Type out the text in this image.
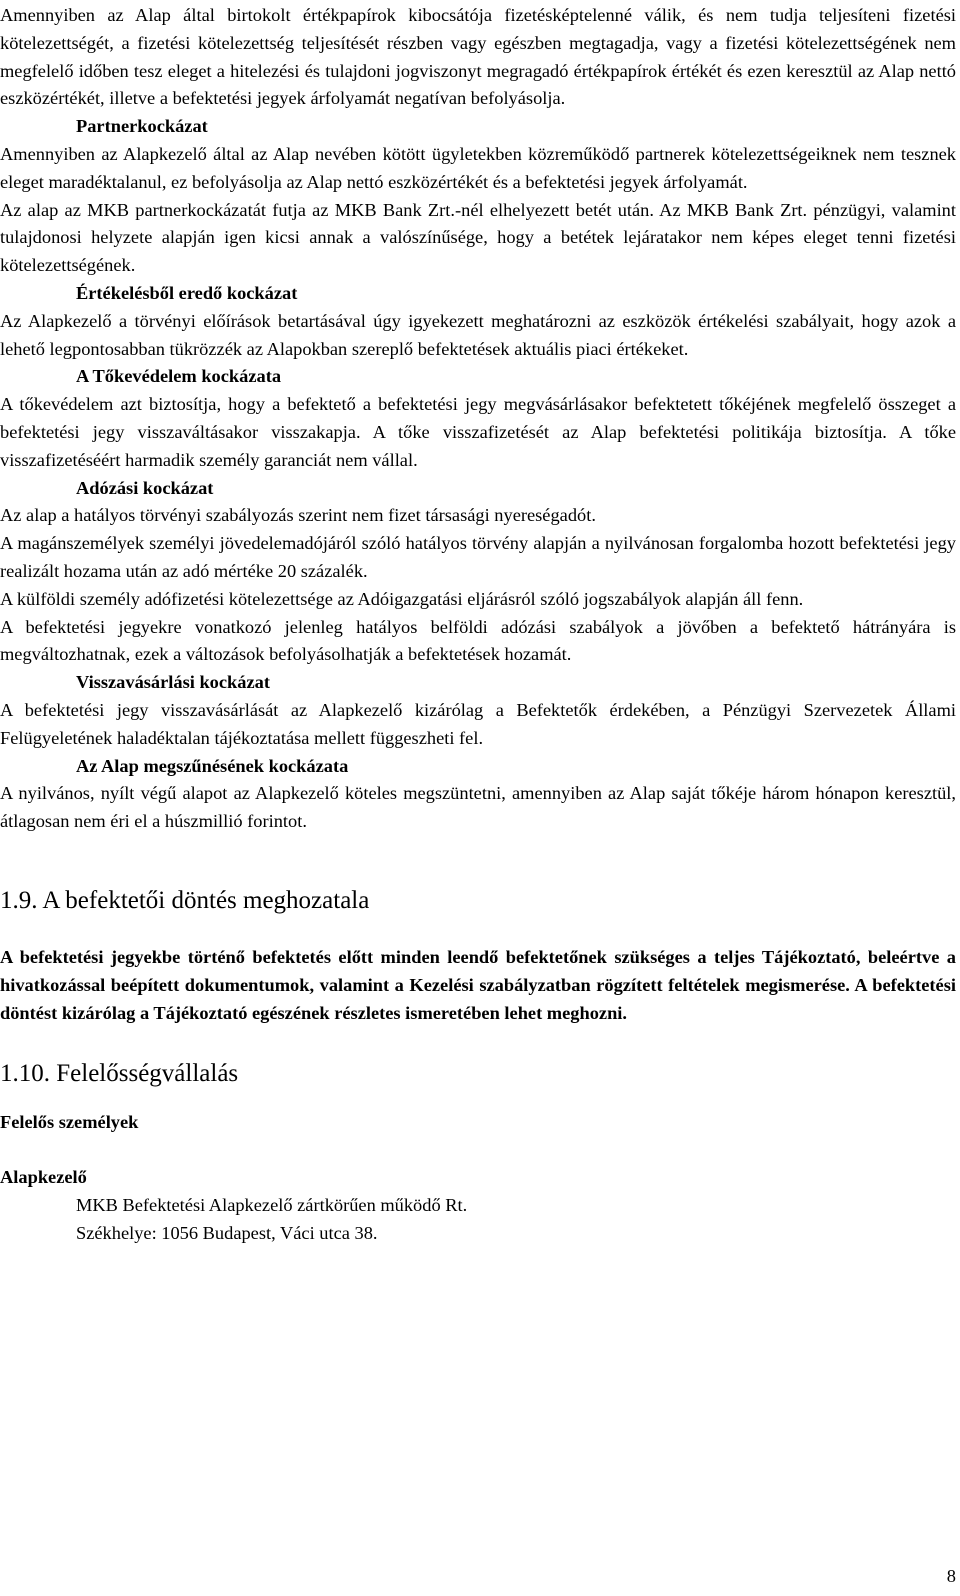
Amennyiben az Alap által birtokolt értékpapírok kibocsátója fizetésképtelenné válik, és nem tudja teljesíteni fizetési kötelezettségét, a fizetési kötelezettség teljesítését részben vagy egészben megtagadja, vagy a fizetési kötelezettségének nem megfelelő időben tesz eleget a hitelezési és tulajdoni jogviszonyt megragadó értékpapírok értékét és ezen keresztül az Alap nettó eszközértékét, illetve a befektetési jegyek árfolyamát negatívan befolyásolja.

Partnerkockázat

Amennyiben az Alapkezelő által az Alap nevében kötött ügyletekben közreműködő partnerek kötelezettségeiknek nem tesznek eleget maradéktalanul, ez befolyásolja az Alap nettó eszközértékét és a befektetési jegyek árfolyamát.

Az alap az MKB partnerkockázatát futja az MKB Bank Zrt.-nél elhelyezett betét után. Az MKB Bank Zrt. pénzügyi, valamint tulajdonosi helyzete alapján igen kicsi annak a valószínűsége, hogy a betétek lejáratakor nem képes eleget tenni fizetési kötelezettségének.

Értékelésből eredő kockázat

Az Alapkezelő a törvényi előírások betartásával úgy igyekezett meghatározni az eszközök értékelési szabályait, hogy azok a lehető legpontosabban tükrözzék az Alapokban szereplő befektetések aktuális piaci értékeket.

A Tőkevédelem kockázata

A tőkevédelem azt biztosítja, hogy a befektető a befektetési jegy megvásárlásakor befektetett tőkéjének megfelelő összeget a befektetési jegy visszaváltásakor visszakapja. A tőke visszafizetését az Alap befektetési politikája biztosítja. A tőke visszafizetéséért harmadik személy garanciát nem vállal.

Adózási kockázat

Az alap a hatályos törvényi szabályozás szerint nem fizet társasági nyereségadót.

A magánszemélyek személyi jövedelemadójáról szóló hatályos törvény alapján a nyilvánosan forgalomba hozott befektetési jegy realizált hozama után az adó mértéke 20 százalék.

A külföldi személy adófizetési kötelezettsége az Adóigazgatási eljárásról szóló jogszabályok alapján áll fenn.

A befektetési jegyekre vonatkozó jelenleg hatályos belföldi adózási szabályok a jövőben a befektető hátrányára is megváltozhatnak, ezek a változások befolyásolhatják a befektetések hozamát.

Visszavásárlási kockázat

A befektetési jegy visszavásárlását az Alapkezelő kizárólag a Befektetők érdekében, a Pénzügyi Szervezetek Állami Felügyeletének haladéktalan tájékoztatása mellett függeszheti fel.

Az Alap megszűnésének kockázata

A nyilvános, nyílt végű alapot az Alapkezelő köteles megszüntetni, amennyiben az Alap saját tőkéje három hónapon keresztül, átlagosan nem éri el a húszmillió forintot.

1.9. A befektetői döntés meghozatala

A befektetési jegyekbe történő befektetés előtt minden leendő befektetőnek szükséges a teljes Tájékoztató, beleértve a hivatkozással beépített dokumentumok, valamint a Kezelési szabályzatban rögzített feltételek megismerése. A befektetési döntést kizárólag a Tájékoztató egészének részletes ismeretében lehet meghozni.

1.10. Felelősségvállalás
Felelős személyek
Alapkezelő
MKB Befektetési Alapkezelő zártkörűen működő Rt.
Székhelye: 1056 Budapest, Váci utca 38.
8
